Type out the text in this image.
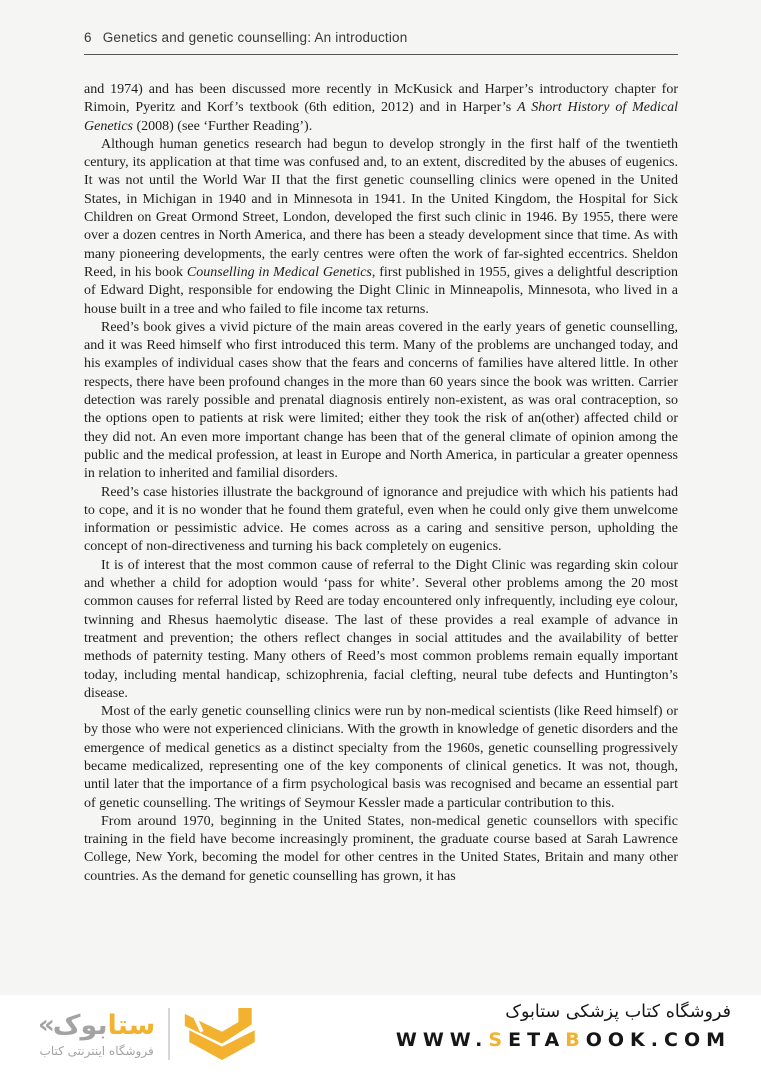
6 Genetics and genetic counselling: An introduction

and 1974) and has been discussed more recently in McKusick and Harper’s introductory chapter for Rimoin, Pyeritz and Korf’s textbook (6th edition, 2012) and in Harper’s A Short History of Medical Genetics (2008) (see ‘Further Reading’).

Although human genetics research had begun to develop strongly in the first half of the twentieth century, its application at that time was confused and, to an extent, discredited by the abuses of eugenics. It was not until the World War II that the first genetic counselling clinics were opened in the United States, in Michigan in 1940 and in Minnesota in 1941. In the United Kingdom, the Hospital for Sick Children on Great Ormond Street, London, developed the first such clinic in 1946. By 1955, there were over a dozen centres in North America, and there has been a steady development since that time. As with many pioneering developments, the early centres were often the work of far-sighted eccentrics. Sheldon Reed, in his book Counselling in Medical Genetics, first published in 1955, gives a delightful description of Edward Dight, responsible for endowing the Dight Clinic in Minneapolis, Minnesota, who lived in a house built in a tree and who failed to file income tax returns.

Reed’s book gives a vivid picture of the main areas covered in the early years of genetic counselling, and it was Reed himself who first introduced this term. Many of the problems are unchanged today, and his examples of individual cases show that the fears and concerns of families have altered little. In other respects, there have been profound changes in the more than 60 years since the book was written. Carrier detection was rarely possible and prenatal diagnosis entirely non-existent, as was oral contraception, so the options open to patients at risk were limited; either they took the risk of an(other) affected child or they did not. An even more important change has been that of the general climate of opinion among the public and the medical profession, at least in Europe and North America, in particular a greater openness in relation to inherited and familial disorders.

Reed’s case histories illustrate the background of ignorance and prejudice with which his patients had to cope, and it is no wonder that he found them grateful, even when he could only give them unwelcome information or pessimistic advice. He comes across as a caring and sensitive person, upholding the concept of non-directiveness and turning his back completely on eugenics.

It is of interest that the most common cause of referral to the Dight Clinic was regarding skin colour and whether a child for adoption would ‘pass for white’. Several other problems among the 20 most common causes for referral listed by Reed are today encountered only infrequently, including eye colour, twinning and Rhesus haemolytic disease. The last of these provides a real example of advance in treatment and prevention; the others reflect changes in social attitudes and the availability of better methods of paternity testing. Many others of Reed’s most common problems remain equally important today, including mental handicap, schizophrenia, facial clefting, neural tube defects and Huntington’s disease.

Most of the early genetic counselling clinics were run by non-medical scientists (like Reed himself) or by those who were not experienced clinicians. With the growth in knowledge of genetic disorders and the emergence of medical genetics as a distinct specialty from the 1960s, genetic counselling progressively became medicalized, representing one of the key components of clinical genetics. It was not, though, until later that the importance of a firm psychological basis was recognised and became an essential part of genetic counselling. The writings of Seymour Kessler made a particular contribution to this.

From around 1970, beginning in the United States, non-medical genetic counsellors with specific training in the field have become increasingly prominent, the graduate course based at Sarah Lawrence College, New York, becoming the model for other centres in the United States, Britain and many other countries. As the demand for genetic counselling has grown, it has

«	ستابوک
فروشگاه اینترنتی کتاب
فروشگاه کتاب پزشکی ستابوک
WWW.SETABOOK.COM
